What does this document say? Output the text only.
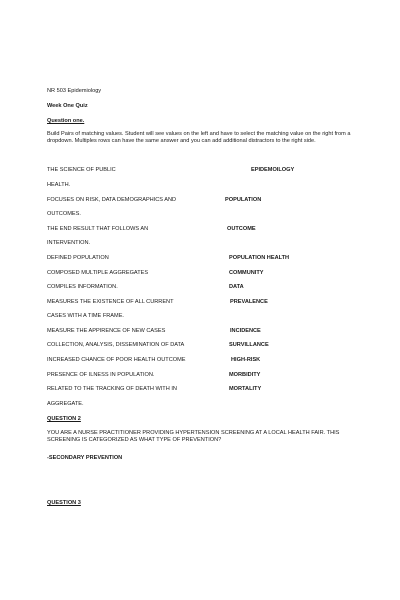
NR 503 Epidemiology
Week One Quiz
Question one.
Build Pairs of matching values. Student will see values on the left and have to select the matching value on the right from a dropdown. Multiples rows can have the same answer and you can add additional distractors to the right side.
THE SCIENCE OF PUBLIC	EPIDEMOILOGY
HEALTH.
FOCUSES ON RISK, DATA DEMOGRAPHICS AND	POPULATION
OUTCOMES.
THE END RESULT THAT FOLLOWS AN	OUTCOME
INTERVENTION.
DEFINED POPULATION	POPULATION HEALTH
COMPOSED MULTIPLE AGGREGATES	COMMUNITY
COMPILES INFORMATION.	DATA
MEASURES THE EXISTENCE OF ALL CURRENT	PREVALENCE
CASES WITH A TIME FRAME.
MEASURE THE APPIRENCE OF NEW CASES	INCIDENCE
COLLECTION, ANALYSIS, DISSEMINATION OF DATA	SURVILLANCE
INCREASED CHANCE OF POOR HEALTH OUTCOME	HIGH-RISK
PRESENCE OF ILNESS IN POPULATION.	MORBIDITY
RELATED TO THE TRACKING OF DEATH WITH IN	MORTALITY
AGGREGATE.
QUESTION 2
YOU ARE A NURSE PRACTITIONER PROVIDING HYPERTENSION SCREENING AT A LOCAL HEALTH FAIR. THIS SCREENING IS CATEGORIZED AS WHAT TYPE OF PREVENTION?
-SECONDARY PREVENTION
QUESTION 3
